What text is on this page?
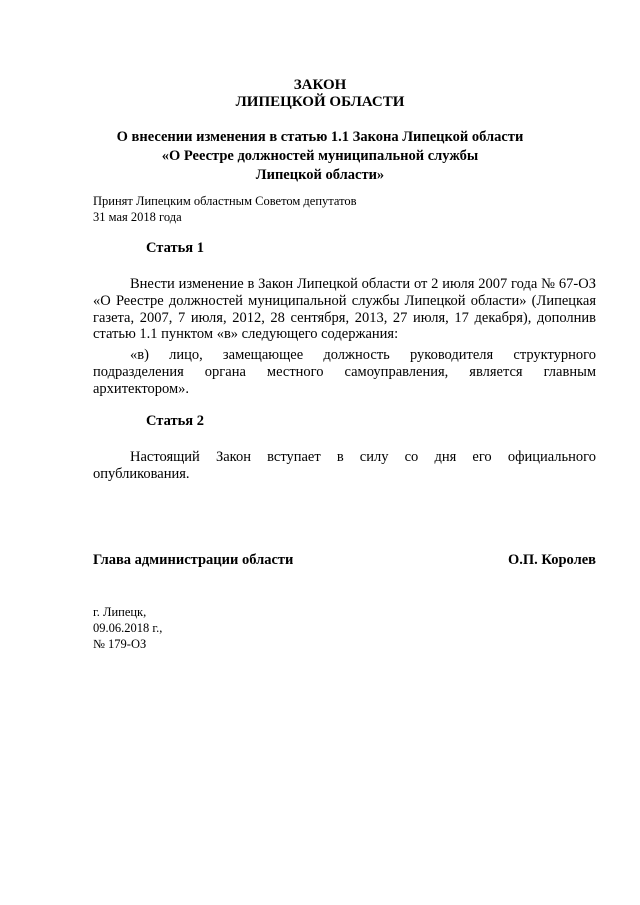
ЗАКОН
ЛИПЕЦКОЙ ОБЛАСТИ
О внесении изменения в статью 1.1 Закона Липецкой области
«О Реестре должностей муниципальной службы
Липецкой области»
Принят Липецким областным Советом депутатов
31 мая 2018 года
Статья 1
Внести изменение в Закон Липецкой области от 2 июля 2007 года № 67-ОЗ «О Реестре должностей муниципальной службы Липецкой области» (Липецкая газета, 2007, 7 июля, 2012, 28 сентября, 2013, 27 июля, 17 декабря), дополнив статью 1.1 пунктом «в» следующего содержания:
«в) лицо, замещающее должность руководителя структурного подразделения органа местного самоуправления, является главным архитектором».
Статья 2
Настоящий Закон вступает в силу со дня его официального опубликования.
Глава администрации области	О.П. Королев
г. Липецк,
09.06.2018 г.,
№ 179-ОЗ
